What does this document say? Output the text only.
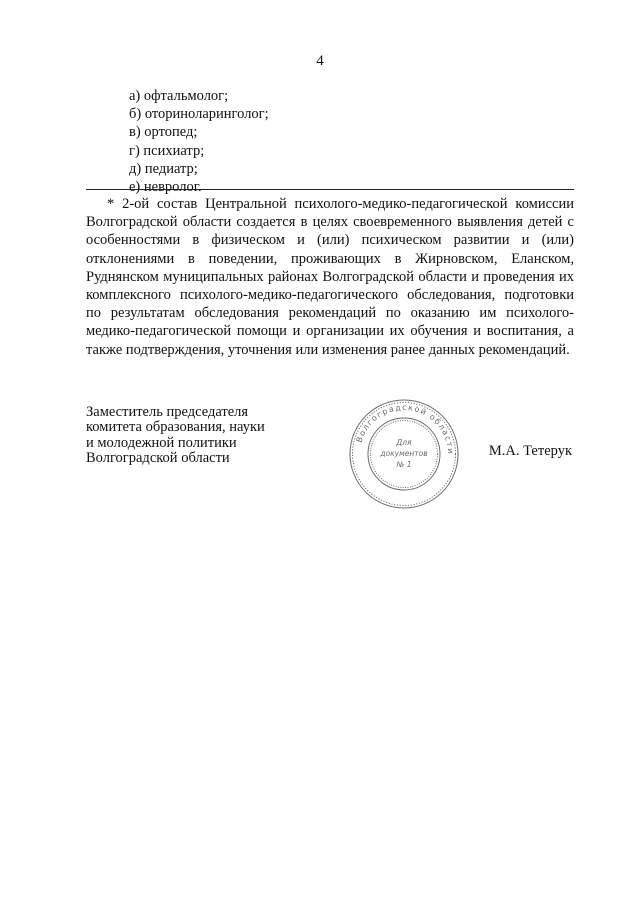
4
а) офтальмолог;
б) оториноларинголог;
в) ортопед;
г) психиатр;
д) педиатр;
е) невролог.

* 2-ой состав Центральной психолого-медико-педагогической комиссии Волгоградской области создается в целях своевременного выявления детей с особенностями в физическом и (или) психическом развитии и (или) отклонениями в поведении, проживающих в Жирновском, Еланском, Руднянском муниципальных районах Волгоградской области и проведения их комплексного психолого-медико-педагогического обследования, подготовки по результатам обследования рекомендаций по оказанию им психолого-медико-педагогической помощи и организации их обучения и воспитания, а также подтверждения, уточнения или изменения ранее данных рекомендаций.

Заместитель председателя
комитета образования, науки
и молодежной политики
Волгоградской области
Волгоградской области
Для
документов
№ 1
М.А. Тетерук
